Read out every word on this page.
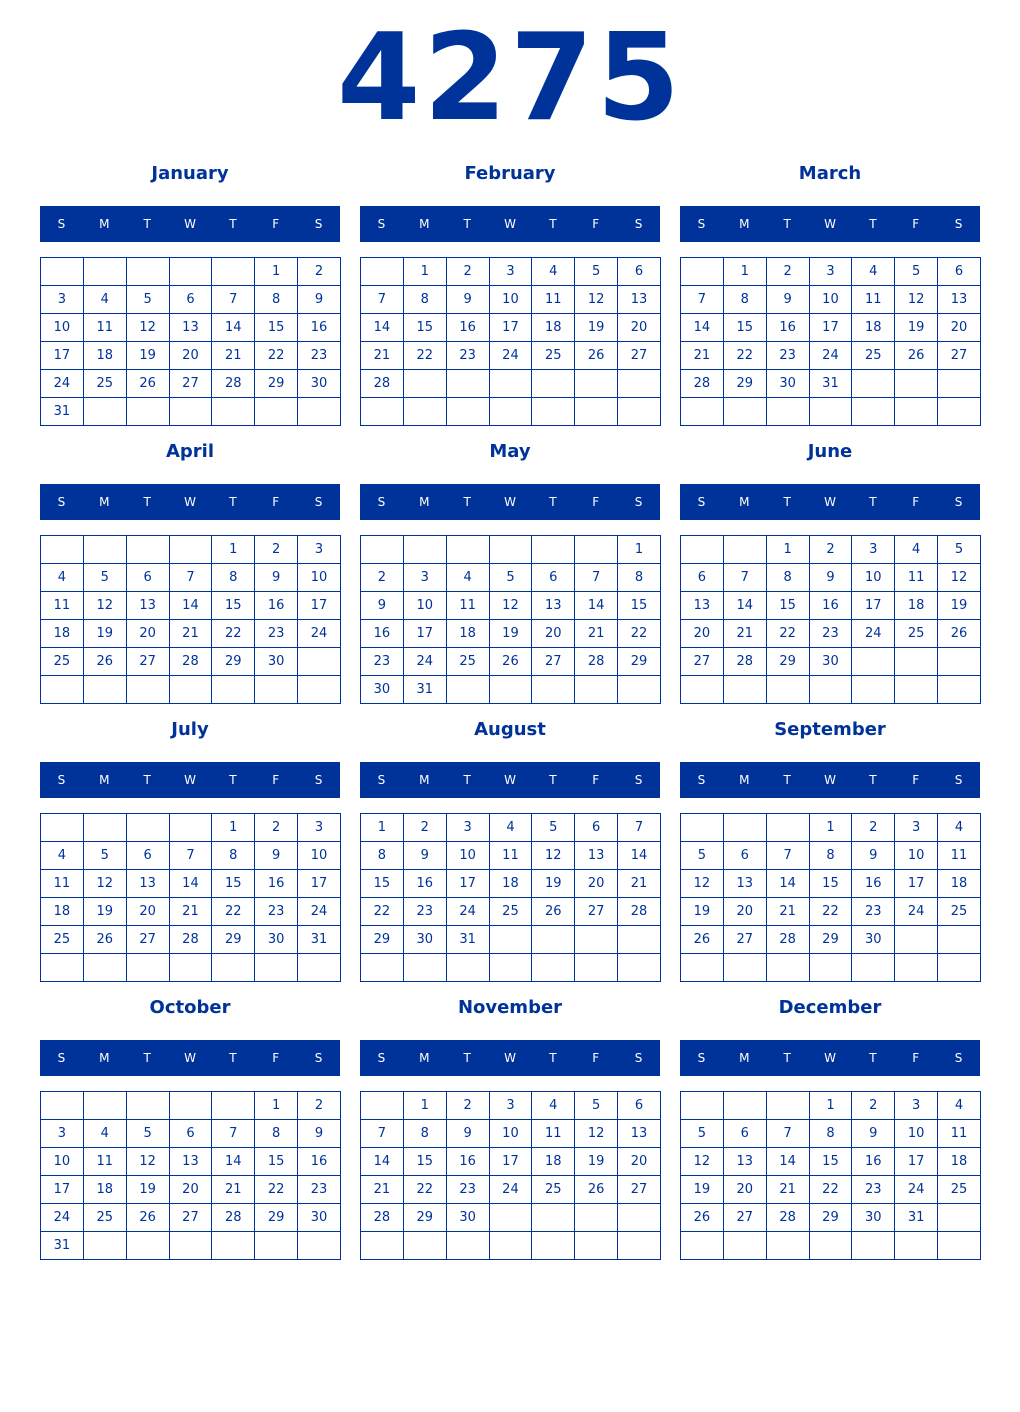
4275
January
S	M	T	W	T	F	S
					1	2
3	4	5	6	7	8	9
10	11	12	13	14	15	16
17	18	19	20	21	22	23
24	25	26	27	28	29	30
31						
February
S	M	T	W	T	F	S
	1	2	3	4	5	6
7	8	9	10	11	12	13
14	15	16	17	18	19	20
21	22	23	24	25	26	27
28						

March
S	M	T	W	T	F	S
	1	2	3	4	5	6
7	8	9	10	11	12	13
14	15	16	17	18	19	20
21	22	23	24	25	26	27
28	29	30	31			

April
S	M	T	W	T	F	S
				1	2	3
4	5	6	7	8	9	10
11	12	13	14	15	16	17
18	19	20	21	22	23	24
25	26	27	28	29	30	

May
S	M	T	W	T	F	S
						1
2	3	4	5	6	7	8
9	10	11	12	13	14	15
16	17	18	19	20	21	22
23	24	25	26	27	28	29
30	31					
June
S	M	T	W	T	F	S
		1	2	3	4	5
6	7	8	9	10	11	12
13	14	15	16	17	18	19
20	21	22	23	24	25	26
27	28	29	30			

July
S	M	T	W	T	F	S
				1	2	3
4	5	6	7	8	9	10
11	12	13	14	15	16	17
18	19	20	21	22	23	24
25	26	27	28	29	30	31

August
S	M	T	W	T	F	S
1	2	3	4	5	6	7
8	9	10	11	12	13	14
15	16	17	18	19	20	21
22	23	24	25	26	27	28
29	30	31				

September
S	M	T	W	T	F	S
			1	2	3	4
5	6	7	8	9	10	11
12	13	14	15	16	17	18
19	20	21	22	23	24	25
26	27	28	29	30		

October
S	M	T	W	T	F	S
					1	2
3	4	5	6	7	8	9
10	11	12	13	14	15	16
17	18	19	20	21	22	23
24	25	26	27	28	29	30
31						
November
S	M	T	W	T	F	S
	1	2	3	4	5	6
7	8	9	10	11	12	13
14	15	16	17	18	19	20
21	22	23	24	25	26	27
28	29	30				

December
S	M	T	W	T	F	S
			1	2	3	4
5	6	7	8	9	10	11
12	13	14	15	16	17	18
19	20	21	22	23	24	25
26	27	28	29	30	31	
